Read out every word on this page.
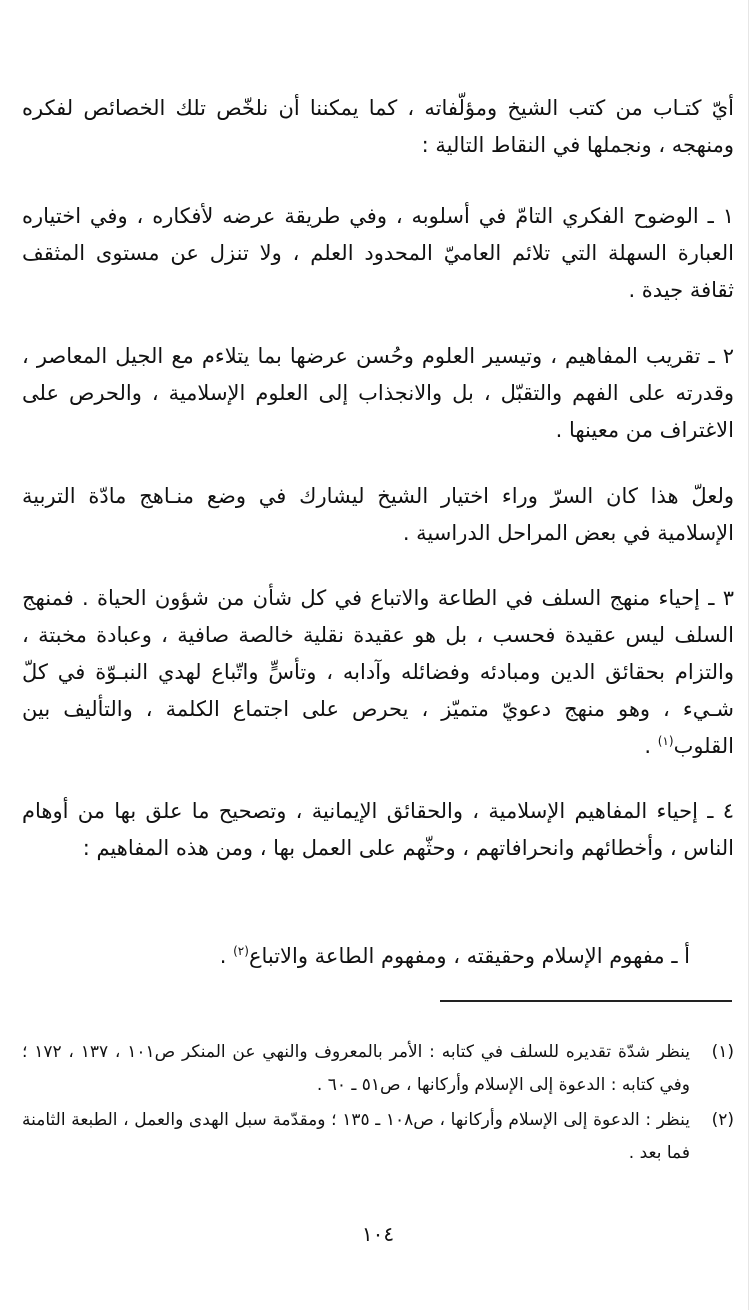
أيّ كتـاب من كتب الشيخ ومؤلّفاته ، كما يمكننا أن نلخّص تلك الخصائص لفكره ومنهجه ، ونجملها في النقاط التالية :

١ ـ الوضوح الفكري التامّ في أسلوبه ، وفي طريقة عرضه لأفكاره ، وفي اختياره العبارة السهلة التي تلائم العاميّ المحدود العلم ، ولا تنزل عن مستوى المثقف ثقافة جيدة .

٢ ـ تقريب المفاهيم ، وتيسير العلوم وحُسن عرضها بما يتلاءم مع الجيل المعاصر ، وقدرته على الفهم والتقبّل ، بل والانجذاب إلى العلوم الإسلامية ، والحرص على الاغتراف من معينها .

ولعلّ هذا كان السرّ وراء اختيار الشيخ ليشارك في وضع منـاهج مادّة التربية الإسلامية في بعض المراحل الدراسية .

٣ ـ إحياء منهج السلف في الطاعة والاتباع في كل شأن من شؤون الحياة . فمنهج السلف ليس عقيدة فحسب ، بل هو عقيدة نقلية خالصة صافية ، وعبادة مخبتة ، والتزام بحقائق الدين ومبادئه وفضائله وآدابه ، وتأسٍّ واتّباع لهدي النبـوّة في كلّ شـيء ، وهو منهج دعويّ متميّز ، يحرص على اجتماع الكلمة ، والتأليف بين القلوب$^{(١)}$ .

٤ ـ إحياء المفاهيم الإسلامية ، والحقائق الإيمانية ، وتصحيح ما علق بها من أوهام الناس ، وأخطائهم وانحرافاتهم ، وحثّهم على العمل بها ، ومن هذه المفاهيم :

أ ـ مفهوم الإسلام وحقيقته ، ومفهوم الطاعة والاتباع$^{(٢)}$ .

(١)
ينظر شدّة تقديره للسلف في كتابه : الأمر بالمعروف والنهي عن المنكر ص١٠١ ، ١٣٧ ، ١٧٢ ؛ وفي كتابه : الدعوة إلى الإسلام وأركانها ، ص٥١ ـ ٦٠ .
(٢)
ينظر : الدعوة إلى الإسلام وأركانها ، ص١٠٨ ـ ١٣٥ ؛ ومقدّمة سبل الهدى والعمل ، الطبعة الثامنة فما بعد .
١٠٤
